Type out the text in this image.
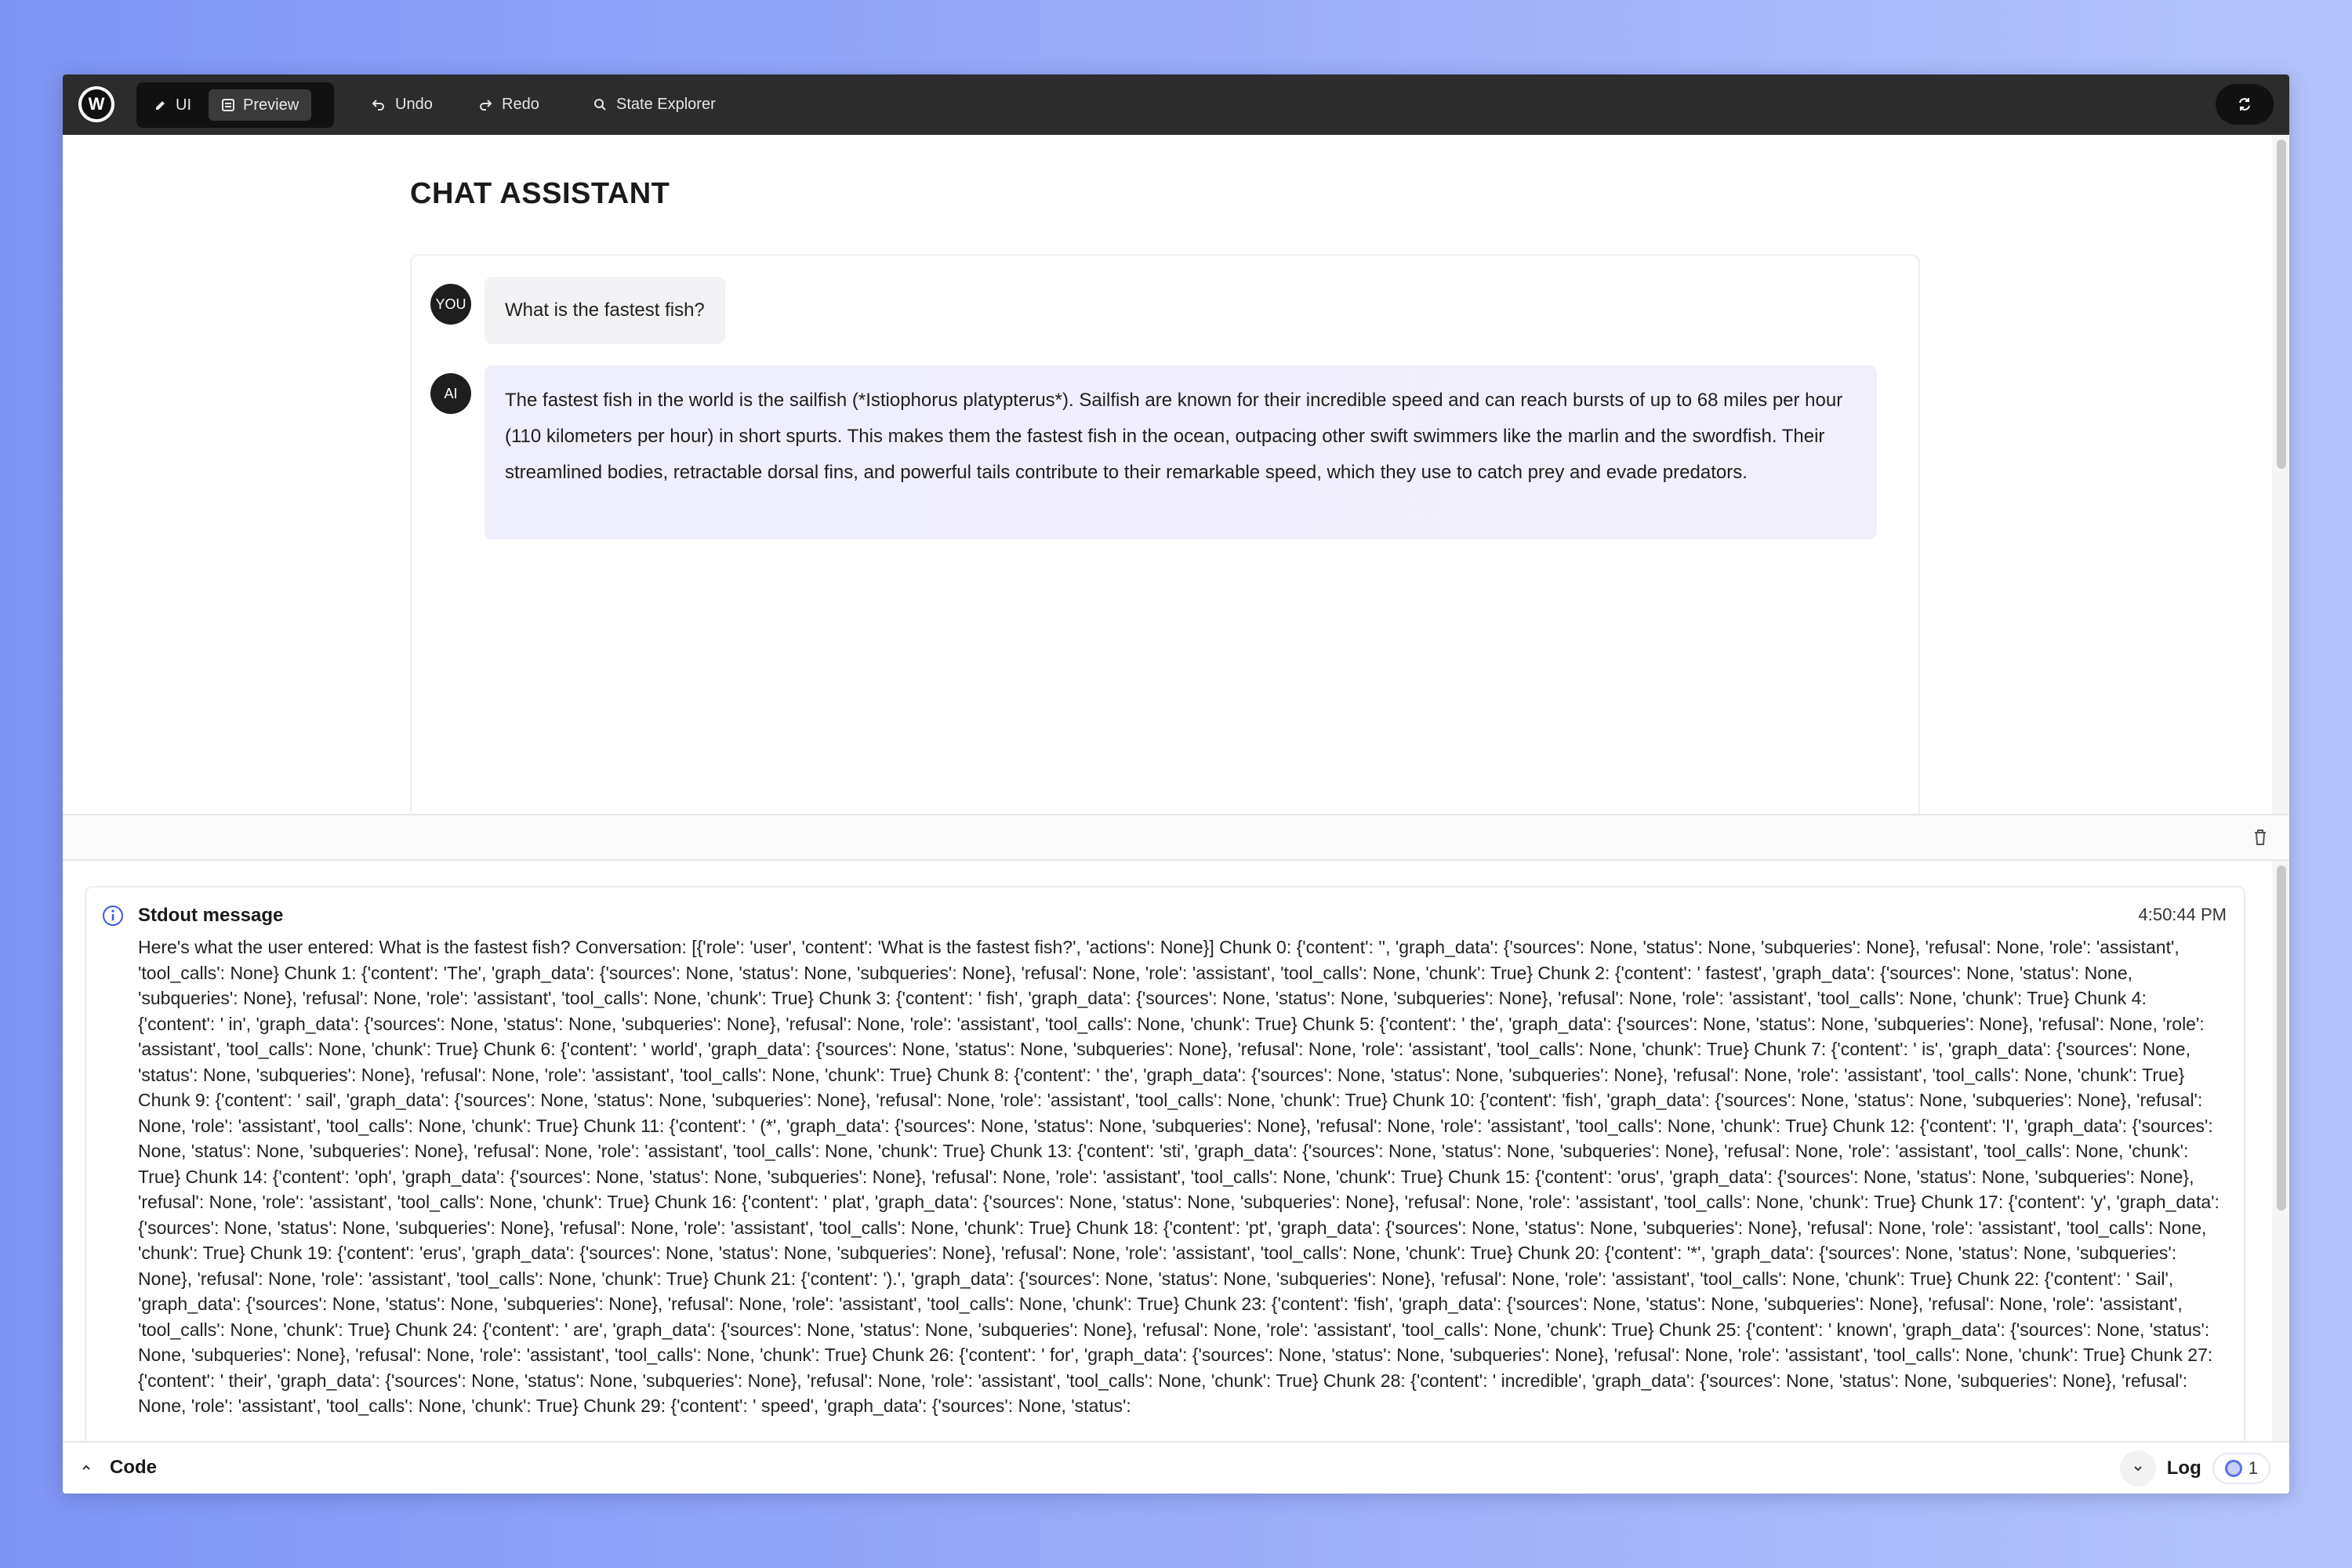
W	UI	Preview	Undo	Redo	State Explorer
CHAT ASSISTANT
YOU	What is the fastest fish?
AI	The fastest fish in the world is the sailfish (*Istiophorus platypterus*). Sailfish are known for their incredible speed and can reach bursts of up to 68 miles per hour (110 kilometers per hour) in short spurts. This makes them the fastest fish in the ocean, outpacing other swift swimmers like the marlin and the swordfish. Their streamlined bodies, retractable dorsal fins, and powerful tails contribute to their remarkable speed, which they use to catch prey and evade predators.
Stdout message	4:50:44 PM
Here's what the user entered: What is the fastest fish? Conversation: [{'role': 'user', 'content': 'What is the fastest fish?', 'actions': None}] Chunk 0: {'content': '', 'graph_data': {'sources': None, 'status': None, 'subqueries': None}, 'refusal': None, 'role': 'assistant', 'tool_calls': None} Chunk 1: {'content': 'The', 'graph_data': {'sources': None, 'status': None, 'subqueries': None}, 'refusal': None, 'role': 'assistant', 'tool_calls': None, 'chunk': True} Chunk 2: {'content': ' fastest', 'graph_data': {'sources': None, 'status': None, 'subqueries': None}, 'refusal': None, 'role': 'assistant', 'tool_calls': None, 'chunk': True} Chunk 3: {'content': ' fish', 'graph_data': {'sources': None, 'status': None, 'subqueries': None}, 'refusal': None, 'role': 'assistant', 'tool_calls': None, 'chunk': True} Chunk 4: {'content': ' in', 'graph_data': {'sources': None, 'status': None, 'subqueries': None}, 'refusal': None, 'role': 'assistant', 'tool_calls': None, 'chunk': True} Chunk 5: {'content': ' the', 'graph_data': {'sources': None, 'status': None, 'subqueries': None}, 'refusal': None, 'role': 'assistant', 'tool_calls': None, 'chunk': True} Chunk 6: {'content': ' world', 'graph_data': {'sources': None, 'status': None, 'subqueries': None}, 'refusal': None, 'role': 'assistant', 'tool_calls': None, 'chunk': True} Chunk 7: {'content': ' is', 'graph_data': {'sources': None, 'status': None, 'subqueries': None}, 'refusal': None, 'role': 'assistant', 'tool_calls': None, 'chunk': True} Chunk 8: {'content': ' the', 'graph_data': {'sources': None, 'status': None, 'subqueries': None}, 'refusal': None, 'role': 'assistant', 'tool_calls': None, 'chunk': True} Chunk 9: {'content': ' sail', 'graph_data': {'sources': None, 'status': None, 'subqueries': None}, 'refusal': None, 'role': 'assistant', 'tool_calls': None, 'chunk': True} Chunk 10: {'content': 'fish', 'graph_data': {'sources': None, 'status': None, 'subqueries': None}, 'refusal': None, 'role': 'assistant', 'tool_calls': None, 'chunk': True} Chunk 11: {'content': ' (*', 'graph_data': {'sources': None, 'status': None, 'subqueries': None}, 'refusal': None, 'role': 'assistant', 'tool_calls': None, 'chunk': True} Chunk 12: {'content': 'I', 'graph_data': {'sources': None, 'status': None, 'subqueries': None}, 'refusal': None, 'role': 'assistant', 'tool_calls': None, 'chunk': True} Chunk 13: {'content': 'sti', 'graph_data': {'sources': None, 'status': None, 'subqueries': None}, 'refusal': None, 'role': 'assistant', 'tool_calls': None, 'chunk': True} Chunk 14: {'content': 'oph', 'graph_data': {'sources': None, 'status': None, 'subqueries': None}, 'refusal': None, 'role': 'assistant', 'tool_calls': None, 'chunk': True} Chunk 15: {'content': 'orus', 'graph_data': {'sources': None, 'status': None, 'subqueries': None}, 'refusal': None, 'role': 'assistant', 'tool_calls': None, 'chunk': True} Chunk 16: {'content': ' plat', 'graph_data': {'sources': None, 'status': None, 'subqueries': None}, 'refusal': None, 'role': 'assistant', 'tool_calls': None, 'chunk': True} Chunk 17: {'content': 'y', 'graph_data': {'sources': None, 'status': None, 'subqueries': None}, 'refusal': None, 'role': 'assistant', 'tool_calls': None, 'chunk': True} Chunk 18: {'content': 'pt', 'graph_data': {'sources': None, 'status': None, 'subqueries': None}, 'refusal': None, 'role': 'assistant', 'tool_calls': None, 'chunk': True} Chunk 19: {'content': 'erus', 'graph_data': {'sources': None, 'status': None, 'subqueries': None}, 'refusal': None, 'role': 'assistant', 'tool_calls': None, 'chunk': True} Chunk 20: {'content': '*', 'graph_data': {'sources': None, 'status': None, 'subqueries': None}, 'refusal': None, 'role': 'assistant', 'tool_calls': None, 'chunk': True} Chunk 21: {'content': ').', 'graph_data': {'sources': None, 'status': None, 'subqueries': None}, 'refusal': None, 'role': 'assistant', 'tool_calls': None, 'chunk': True} Chunk 22: {'content': ' Sail', 'graph_data': {'sources': None, 'status': None, 'subqueries': None}, 'refusal': None, 'role': 'assistant', 'tool_calls': None, 'chunk': True} Chunk 23: {'content': 'fish', 'graph_data': {'sources': None, 'status': None, 'subqueries': None}, 'refusal': None, 'role': 'assistant', 'tool_calls': None, 'chunk': True} Chunk 24: {'content': ' are', 'graph_data': {'sources': None, 'status': None, 'subqueries': None}, 'refusal': None, 'role': 'assistant', 'tool_calls': None, 'chunk': True} Chunk 25: {'content': ' known', 'graph_data': {'sources': None, 'status': None, 'subqueries': None}, 'refusal': None, 'role': 'assistant', 'tool_calls': None, 'chunk': True} Chunk 26: {'content': ' for', 'graph_data': {'sources': None, 'status': None, 'subqueries': None}, 'refusal': None, 'role': 'assistant', 'tool_calls': None, 'chunk': True} Chunk 27: {'content': ' their', 'graph_data': {'sources': None, 'status': None, 'subqueries': None}, 'refusal': None, 'role': 'assistant', 'tool_calls': None, 'chunk': True} Chunk 28: {'content': ' incredible', 'graph_data': {'sources': None, 'status': None, 'subqueries': None}, 'refusal': None, 'role': 'assistant', 'tool_calls': None, 'chunk': True} Chunk 29: {'content': ' speed', 'graph_data': {'sources': None, 'status':
Code	Log	1
